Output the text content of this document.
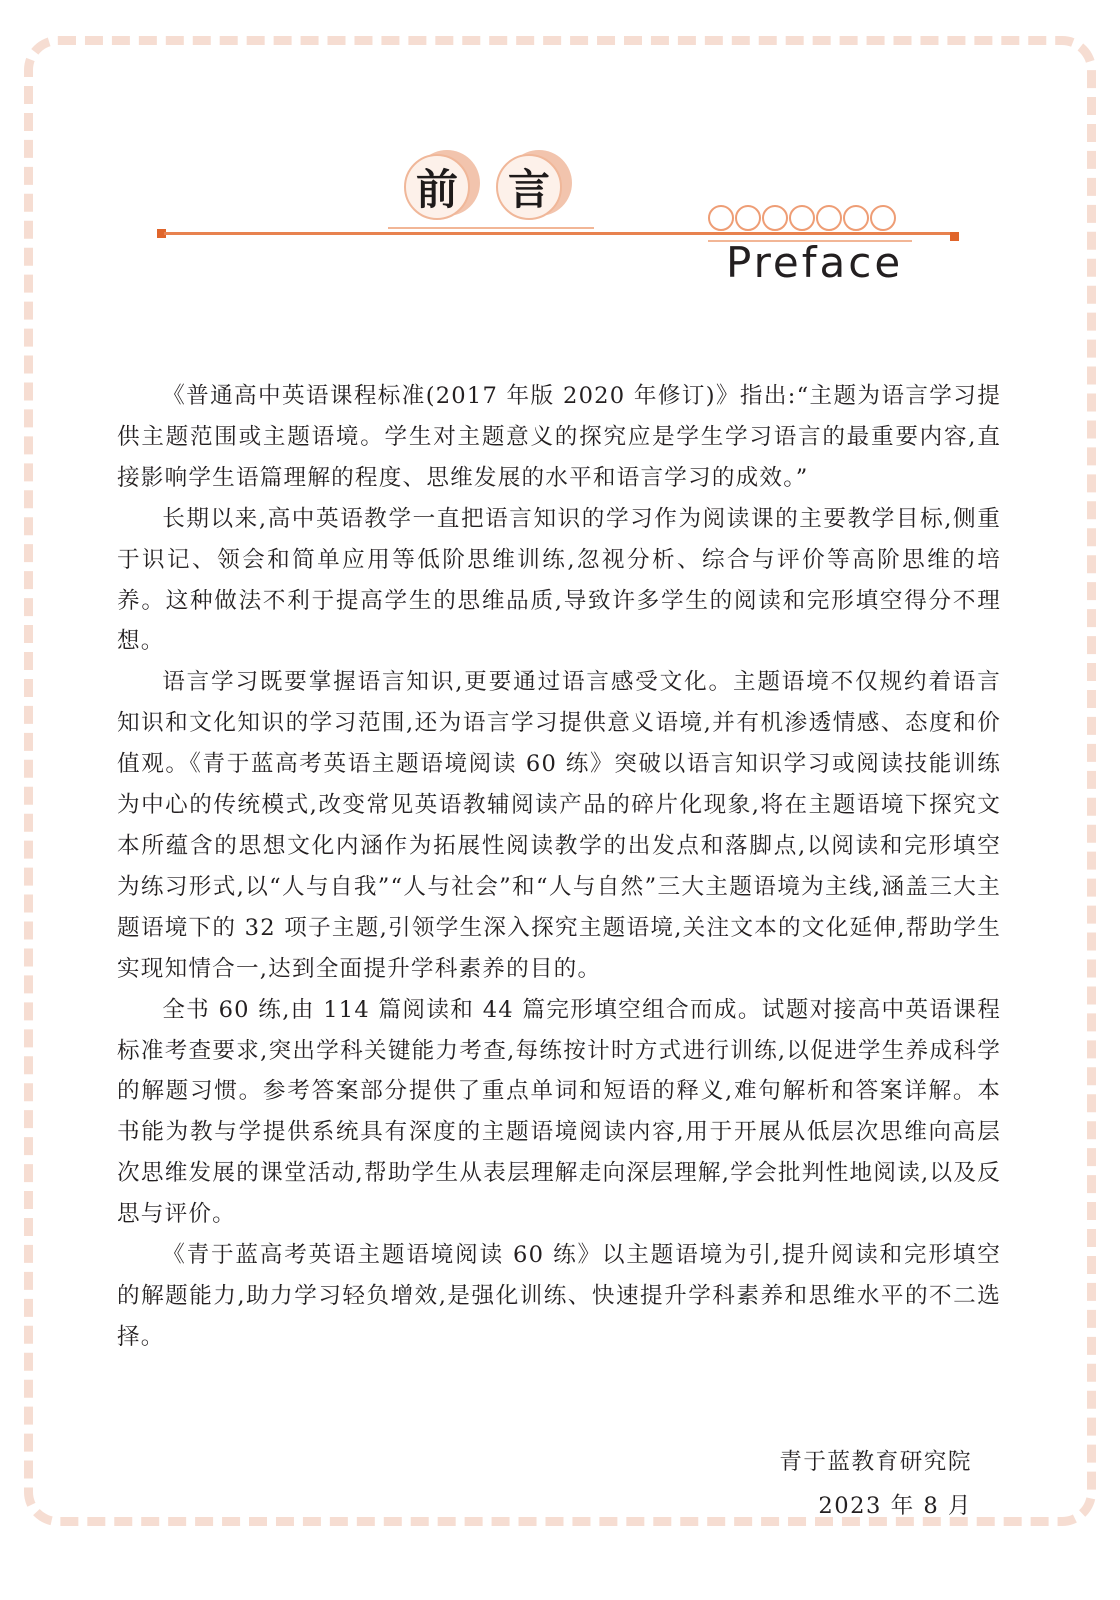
前 言
Preface

《普通高中英语课程标准(2017 年版 2020 年修订)》指出:“主题为语言学习提供主题范围或主题语境。学生对主题意义的探究应是学生学习语言的最重要内容,直接影响学生语篇理解的程度、思维发展的水平和语言学习的成效。”

长期以来,高中英语教学一直把语言知识的学习作为阅读课的主要教学目标,侧重于识记、领会和简单应用等低阶思维训练,忽视分析、综合与评价等高阶思维的培养。这种做法不利于提高学生的思维品质,导致许多学生的阅读和完形填空得分不理想。

语言学习既要掌握语言知识,更要通过语言感受文化。主题语境不仅规约着语言知识和文化知识的学习范围,还为语言学习提供意义语境,并有机渗透情感、态度和价值观。《青于蓝高考英语主题语境阅读 60 练》突破以语言知识学习或阅读技能训练为中心的传统模式,改变常见英语教辅阅读产品的碎片化现象,将在主题语境下探究文本所蕴含的思想文化内涵作为拓展性阅读教学的出发点和落脚点,以阅读和完形填空为练习形式,以“人与自我”“人与社会”和“人与自然”三大主题语境为主线,涵盖三大主题语境下的 32 项子主题,引领学生深入探究主题语境,关注文本的文化延伸,帮助学生实现知情合一,达到全面提升学科素养的目的。

全书 60 练,由 114 篇阅读和 44 篇完形填空组合而成。试题对接高中英语课程标准考查要求,突出学科关键能力考查,每练按计时方式进行训练,以促进学生养成科学的解题习惯。参考答案部分提供了重点单词和短语的释义,难句解析和答案详解。本书能为教与学提供系统具有深度的主题语境阅读内容,用于开展从低层次思维向高层次思维发展的课堂活动,帮助学生从表层理解走向深层理解,学会批判性地阅读,以及反思与评价。

《青于蓝高考英语主题语境阅读 60 练》以主题语境为引,提升阅读和完形填空的解题能力,助力学习轻负增效,是强化训练、快速提升学科素养和思维水平的不二选择。

青于蓝教育研究院
2023 年 8 月
